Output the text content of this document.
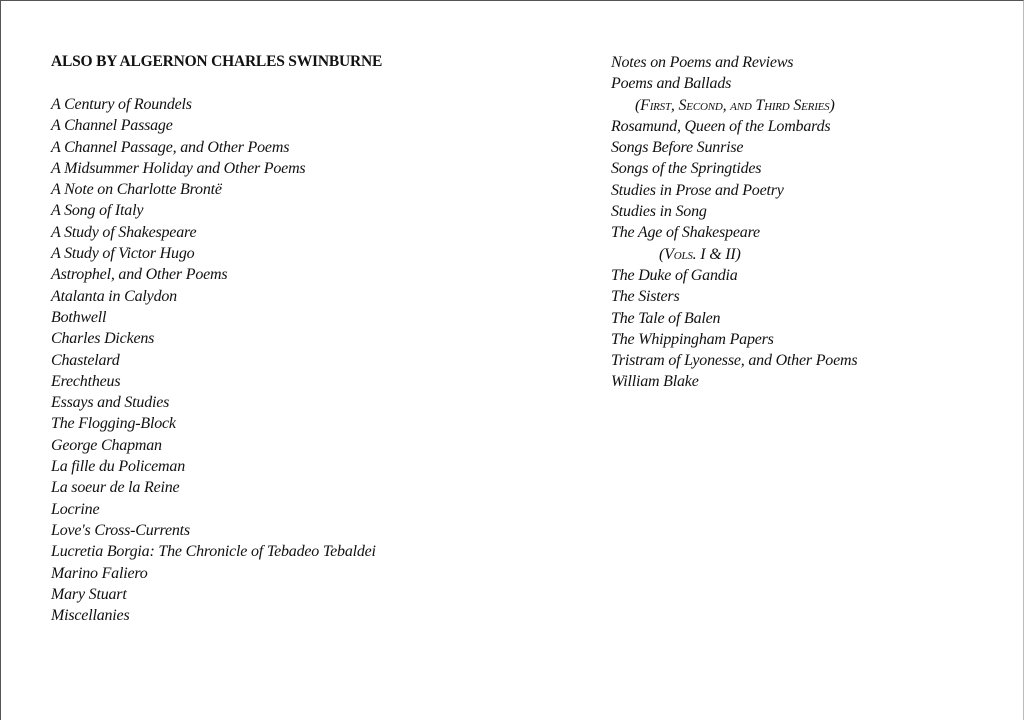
ALSO BY ALGERNON CHARLES SWINBURNE
A Century of Roundels
A Channel Passage
A Channel Passage, and Other Poems
A Midsummer Holiday and Other Poems
A Note on Charlotte Brontë
A Song of Italy
A Study of Shakespeare
A Study of Victor Hugo
Astrophel, and Other Poems
Atalanta in Calydon
Bothwell
Charles Dickens
Chastelard
Erechtheus
Essays and Studies
The Flogging-Block
George Chapman
La fille du Policeman
La soeur de la Reine
Locrine
Love's Cross-Currents
Lucretia Borgia: The Chronicle of Tebadeo Tebaldei
Marino Faliero
Mary Stuart
Miscellanies
Notes on Poems and Reviews
Poems and Ballads
(First, Second, and Third Series)
Rosamund, Queen of the Lombards
Songs Before Sunrise
Songs of the Springtides
Studies in Prose and Poetry
Studies in Song
The Age of Shakespeare
(Vols. I & II)
The Duke of Gandia
The Sisters
The Tale of Balen
The Whippingham Papers
Tristram of Lyonesse, and Other Poems
William Blake
